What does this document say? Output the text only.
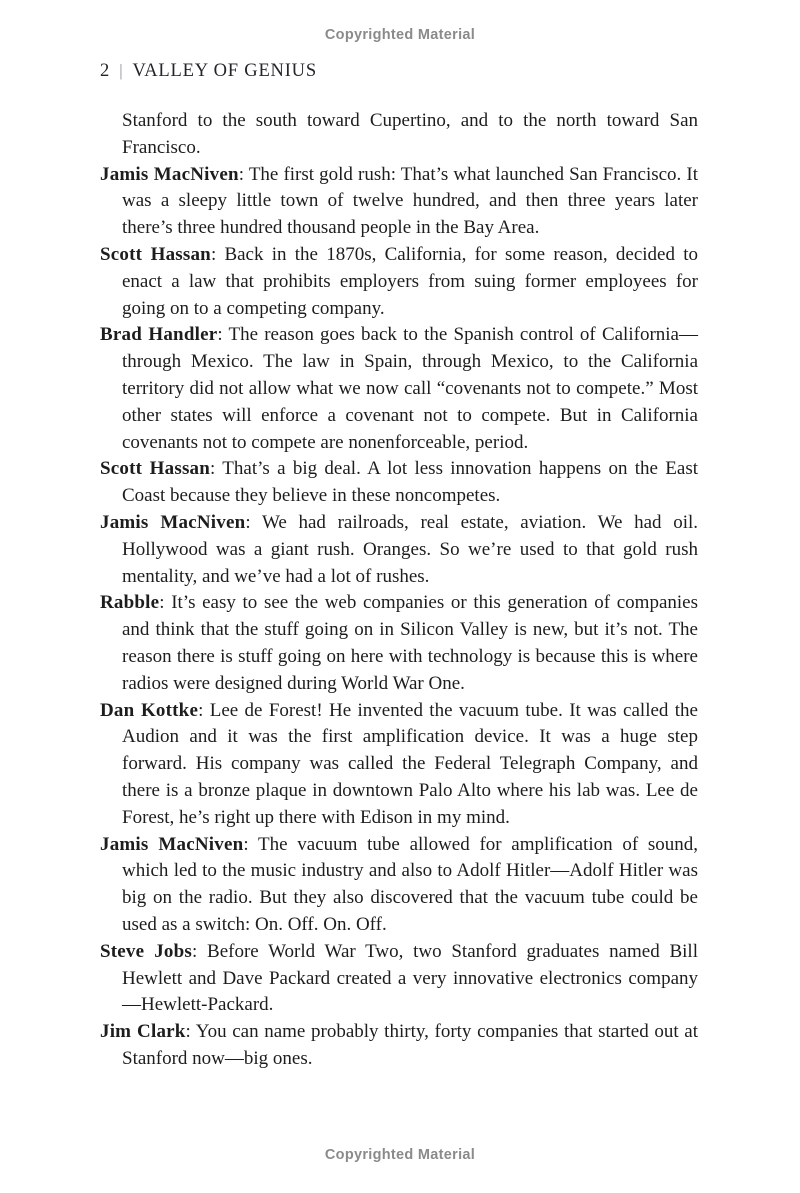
Copyrighted Material
2 | VALLEY OF GENIUS

Stanford to the south toward Cupertino, and to the north toward San Francisco.

Jamis MacNiven: The first gold rush: That’s what launched San Francisco. It was a sleepy little town of twelve hundred, and then three years later there’s three hundred thousand people in the Bay Area.

Scott Hassan: Back in the 1870s, California, for some reason, decided to enact a law that prohibits employers from suing former employees for going on to a competing company.

Brad Handler: The reason goes back to the Spanish control of California—through Mexico. The law in Spain, through Mexico, to the California territory did not allow what we now call “covenants not to compete.” Most other states will enforce a covenant not to compete. But in California covenants not to compete are nonenforceable, period.

Scott Hassan: That’s a big deal. A lot less innovation happens on the East Coast because they believe in these noncompetes.

Jamis MacNiven: We had railroads, real estate, aviation. We had oil. Hollywood was a giant rush. Oranges. So we’re used to that gold rush mentality, and we’ve had a lot of rushes.

Rabble: It’s easy to see the web companies or this generation of companies and think that the stuff going on in Silicon Valley is new, but it’s not. The reason there is stuff going on here with technology is because this is where radios were designed during World War One.

Dan Kottke: Lee de Forest! He invented the vacuum tube. It was called the Audion and it was the first amplification device. It was a huge step forward. His company was called the Federal Telegraph Company, and there is a bronze plaque in downtown Palo Alto where his lab was. Lee de Forest, he’s right up there with Edison in my mind.

Jamis MacNiven: The vacuum tube allowed for amplification of sound, which led to the music industry and also to Adolf Hitler—Adolf Hitler was big on the radio. But they also discovered that the vacuum tube could be used as a switch: On. Off. On. Off.

Steve Jobs: Before World War Two, two Stanford graduates named Bill Hewlett and Dave Packard created a very innovative electronics company—Hewlett-Packard.

Jim Clark: You can name probably thirty, forty companies that started out at Stanford now—big ones.

Copyrighted Material
